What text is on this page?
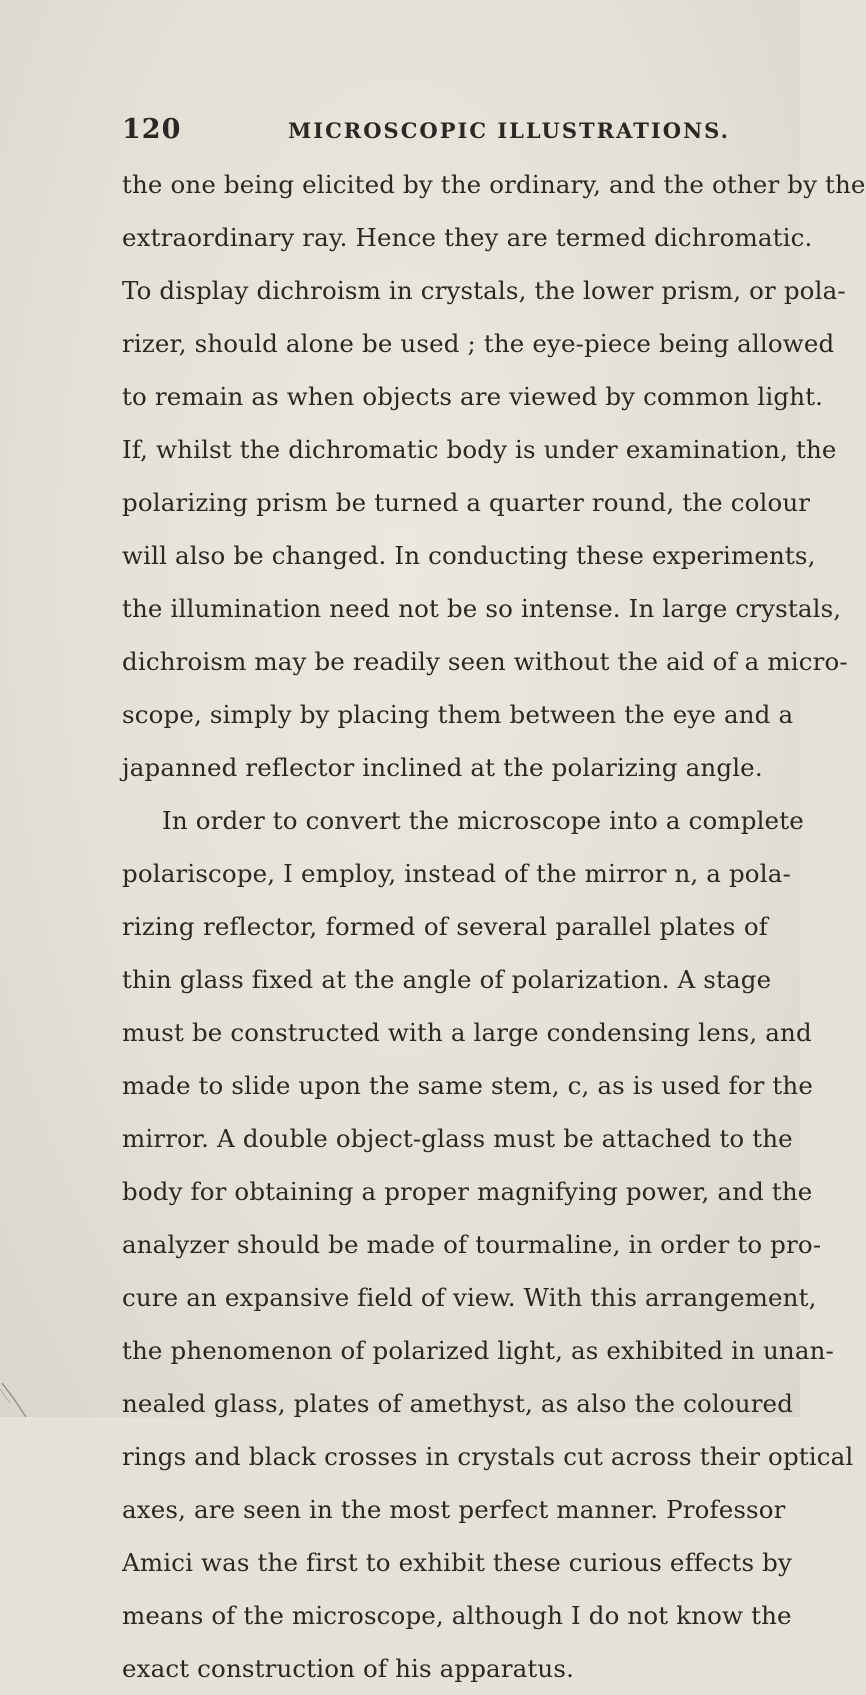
120	MICROSCOPIC ILLUSTRATIONS.
the one being elicited by the ordinary, and the other by the
extraordinary ray. Hence they are termed dichromatic.
To display dichroism in crystals, the lower prism, or pola-
rizer, should alone be used ; the eye-piece being allowed
to remain as when objects are viewed by common light.
If, whilst the dichromatic body is under examination, the
polarizing prism be turned a quarter round, the colour
will also be changed. In conducting these experiments,
the illumination need not be so intense. In large crystals,
dichroism may be readily seen without the aid of a micro-
scope, simply by placing them between the eye and a
japanned reflector inclined at the polarizing angle.
In order to convert the microscope into a complete
polariscope, I employ, instead of the mirror n, a pola-
rizing reflector, formed of several parallel plates of
thin glass fixed at the angle of polarization. A stage
must be constructed with a large condensing lens, and
made to slide upon the same stem, c, as is used for the
mirror. A double object-glass must be attached to the
body for obtaining a proper magnifying power, and the
analyzer should be made of tourmaline, in order to pro-
cure an expansive field of view. With this arrangement,
the phenomenon of polarized light, as exhibited in unan-
nealed glass, plates of amethyst, as also the coloured
rings and black crosses in crystals cut across their optical
axes, are seen in the most perfect manner. Professor
Amici was the first to exhibit these curious effects by
means of the microscope, although I do not know the
exact construction of his apparatus.
